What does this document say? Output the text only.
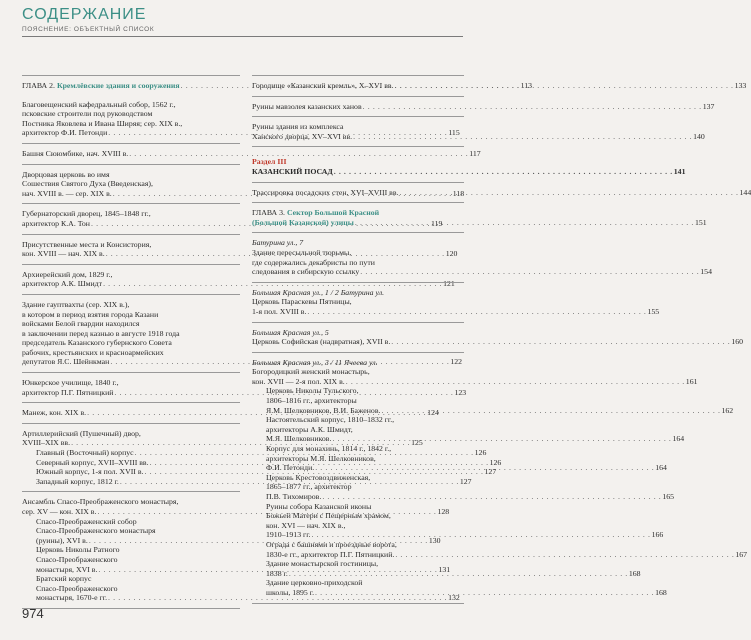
СОДЕРЖАНИЕ
ПОЯСНЕНИЕ: ОБЪЕКТНЫЙ СПИСОК
ГЛАВА 2. Кремлёвские здания и сооружения . . .	113
Благовещенский кафедральный собор, 1562 г.,
псковские строители под руководством
Постника Яковлева и Ивана Ширяя; сер. XIX в.,
архитектор Ф.И. Петонди . . .	115
Башня Сююмбике, нач. XVIII в. . . .	117
Дворцовая церковь во имя
Сошествия Святого Духа (Введенская),
нач. XVIII в. — сер. XIX в. . . .	118
Губернаторский дворец, 1845–1848 гг.,
архитектор К.А. Тон . . .	119
Присутственные места и Консистория,
кон. XVIII — нач. XIX в. . . .	120
Архиерейский дом, 1829 г.,
архитектор А.К. Шмидт . . .	121
Здание гауптвахты (сер. XIX в.),
в котором в период взятия города Казани
войсками Белой гвардии находился
в заключении перед казнью в августе 1918 года
председатель Казанского губернского Совета
рабочих, крестьянских и красноармейских
депутатов Я.С. Шейнкман . . .	122
Юнкерское училище, 1840 г.,
архитектор П.Г. Пятницкий . . .	123
Манеж, кон. XIX в. . . .	124
Артиллерийский (Пушечный) двор,
XVIII–XIX вв. . . .	125
Главный (Восточный) корпус . . .	126
Северный корпус, XVII–XVIII вв. . . .	126
Южный корпус, 1-я пол. XVII в. . . .	127
Западный корпус, 1812 г. . . .	127
Ансамбль Спасо-Преображенского монастыря,
сер. XV — кон. XIX в. . . .	128
Спасо-Преображенский собор
Спасо-Преображенского монастыря
(руины), XVI в. . . .	130
Церковь Николы Ратного
Спасо-Преображенского
монастыря, XVI в. . . .	131
Братский корпус
Спасо-Преображенского
монастыря, 1670-е гг. . . .	132
Городище «Казанский кремль», X–XVI вв. . . .	133
Руины мавзолея казанских ханов . . .	137
Руины здания из комплекса
Ханского дворца, XV–XVI вв. . . .	140
Раздел III
КАЗАНСКИЙ ПОСАД . . .	141
Трассировка посадских стен, XVI–XVIII вв. . . .	144
ГЛАВА 3. Сектор Большой Красной
(Большой Казанской) улицы . . .	151
Батурина ул., 7
Здание пересыльной тюрьмы,
где содержались декабристы по пути
следования в сибирскую ссылку . . .	154
Большая Красная ул., 1 / 2 Батурина ул.
Церковь Параскевы Пятницы,
1-я пол. XVIII в. . . .	155
Большая Красная ул., 5
Церковь Софийская (надвратная), XVII в. . . .	160
Большая Красная ул., 3 / 11 Ячеева ул.
Богородицкий женский монастырь,
кон. XVII — 2-я пол. XIX в. . . .	161
Церковь Николы Тульского,
1806–1816 гг., архитекторы
Я.М. Шелковников, В.И. Баженов. . . .	162
Настоятельский корпус, 1810–1832 гг.,
архитекторы А.К. Шмидт,
М.Я. Шелковников. . . .	164
Корпус для монахинь, 1814 г., 1842 г.,
архитекторы М.Я. Шелковников,
Ф.И. Петонди. . . .	164
Церковь Крестовоздвиженская,
1865–1877 гг., архитектор
П.В. Тихомиров. . . .	165
Руины собора Казанской иконы
Божьей Матери с Пещерным храмом,
кон. XVI — нач. XIX в.,
1910–1913 гг. . . .	166
Ограда с башнями и проездные ворота,
1830-е гг., архитектор П.Г. Пятницкий. . . .	167
Здание монастырской гостиницы,
1838 г. . . .	168
Здание церковно-приходской
школы, 1895 г. . . .	168
974
